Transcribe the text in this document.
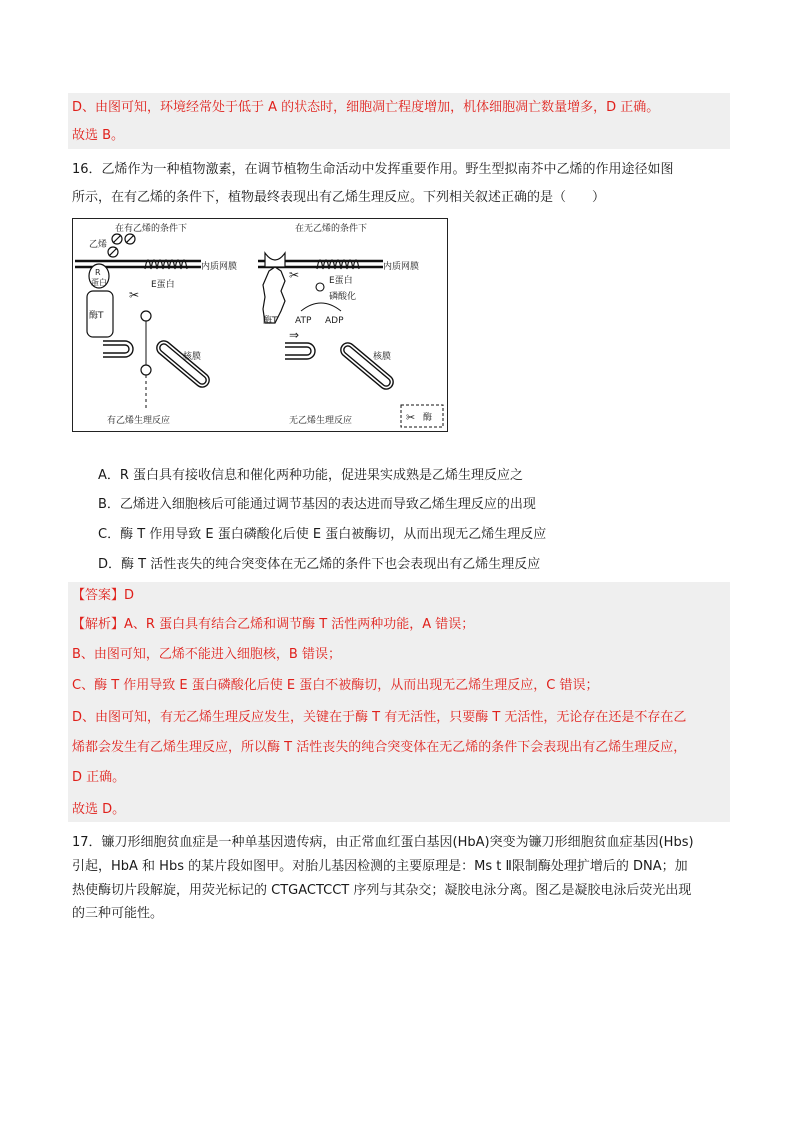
D、由图可知，环境经常处于低于 A 的状态时，细胞凋亡程度增加，机体细胞凋亡数量增多，D 正确。
故选 B。
16．乙烯作为一种植物激素，在调节植物生命活动中发挥重要作用。野生型拟南芥中乙烯的作用途径如图
所示，在有乙烯的条件下，植物最终表现出有乙烯生理反应。下列相关叙述正确的是（　　）
A．R 蛋白具有接收信息和催化两种功能，促进果实成熟是乙烯生理反应之
B．乙烯进入细胞核后可能通过调节基因的表达进而导致乙烯生理反应的出现
C．酶 T 作用导致 E 蛋白磷酸化后使 E 蛋白被酶切，从而出现无乙烯生理反应
D．酶 T 活性丧失的纯合突变体在无乙烯的条件下也会表现出有乙烯生理反应
【答案】D
【解析】A、R 蛋白具有结合乙烯和调节酶 T 活性两种功能，A 错误；
B、由图可知，乙烯不能进入细胞核，B 错误；
C、酶 T 作用导致 E 蛋白磷酸化后使 E 蛋白不被酶切，从而出现无乙烯生理反应，C 错误；
D、由图可知，有无乙烯生理反应发生，关键在于酶 T 有无活性，只要酶 T 无活性，无论存在还是不存在乙
烯都会发生有乙烯生理反应，所以酶 T 活性丧失的纯合突变体在无乙烯的条件下会表现出有乙烯生理反应，
D 正确。
故选 D。
17．镰刀形细胞贫血症是一种单基因遗传病，由正常血红蛋白基因(HbA)突变为镰刀形细胞贫血症基因(Hbs)
引起，HbA 和 Hbs 的某片段如图甲。对胎儿基因检测的主要原理是：Ms t Ⅱ限制酶处理扩增后的 DNA；加
热使酶切片段解旋，用荧光标记的 CTGACTCCT 序列与其杂交；凝胶电泳分离。图乙是凝胶电泳后荧光出现
的三种可能性。
在有乙烯的条件下	在无乙烯的条件下
内质网膜	内质网膜
乙烯
R
蛋白
酶T
E蛋白
✂
核膜
有乙烯生理反应
酶T
✂	E蛋白
磷酸化
ATP ADP
⇒
核膜
无乙烯生理反应	✂ 酶
